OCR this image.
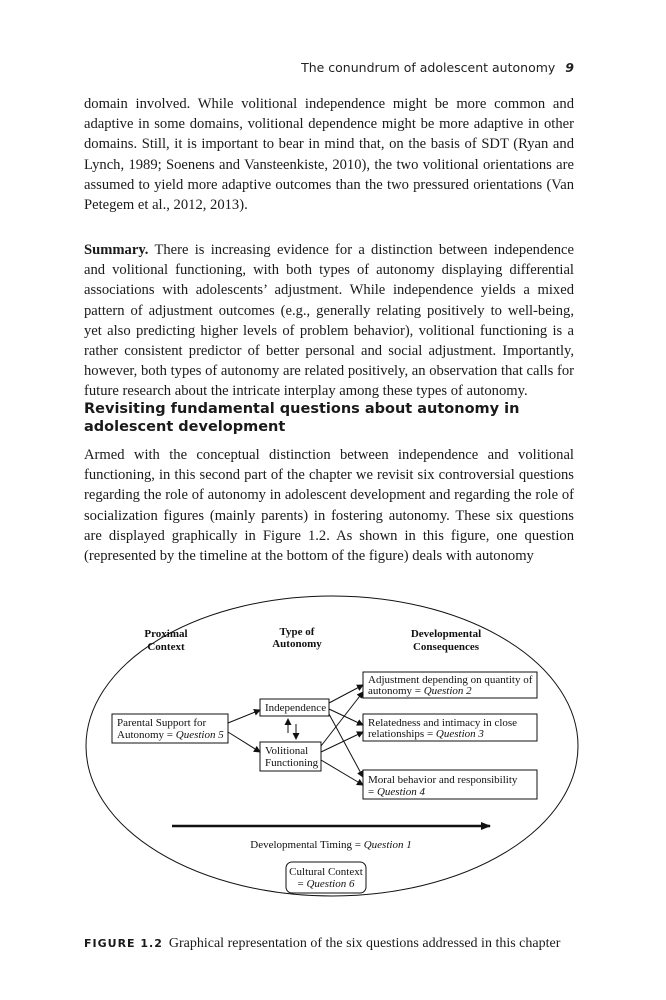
The conundrum of adolescent autonomy 9
domain involved. While volitional independence might be more common and adaptive in some domains, volitional dependence might be more adaptive in other domains. Still, it is important to bear in mind that, on the basis of SDT (Ryan and Lynch, 1989; Soenens and Vansteenkiste, 2010), the two volitional orientations are assumed to yield more adaptive outcomes than the two pressured orientations (Van Petegem et al., 2012, 2013).
Summary. There is increasing evidence for a distinction between independence and volitional functioning, with both types of autonomy displaying differential associations with adolescents’ adjustment. While independence yields a mixed pattern of adjustment outcomes (e.g., generally relating positively to well-being, yet also predicting higher levels of problem behavior), volitional functioning is a rather consistent predictor of better personal and social adjustment. Importantly, however, both types of autonomy are related positively, an observation that calls for future research about the intricate interplay among these types of autonomy.
Revisiting fundamental questions about autonomy in adolescent development
Armed with the conceptual distinction between independence and volitional functioning, in this second part of the chapter we revisit six controversial questions regarding the role of autonomy in adolescent development and regarding the role of socialization figures (mainly parents) in fostering autonomy. These six questions are displayed graphically in Figure 1.2. As shown in this figure, one question (represented by the timeline at the bottom of the figure) deals with autonomy
Proximal
Context
Type of
Autonomy
Developmental
Consequences
Parental Support for
Autonomy = Question 5
Independence
Volitional
Functioning
Adjustment depending on quantity of
autonomy = Question 2
Relatedness and intimacy in close
relationships = Question 3
Moral behavior and responsibility
= Question 4
Developmental Timing = Question 1
Cultural Context
= Question 6
FIGURE 1.2 Graphical representation of the six questions addressed in this chapter
